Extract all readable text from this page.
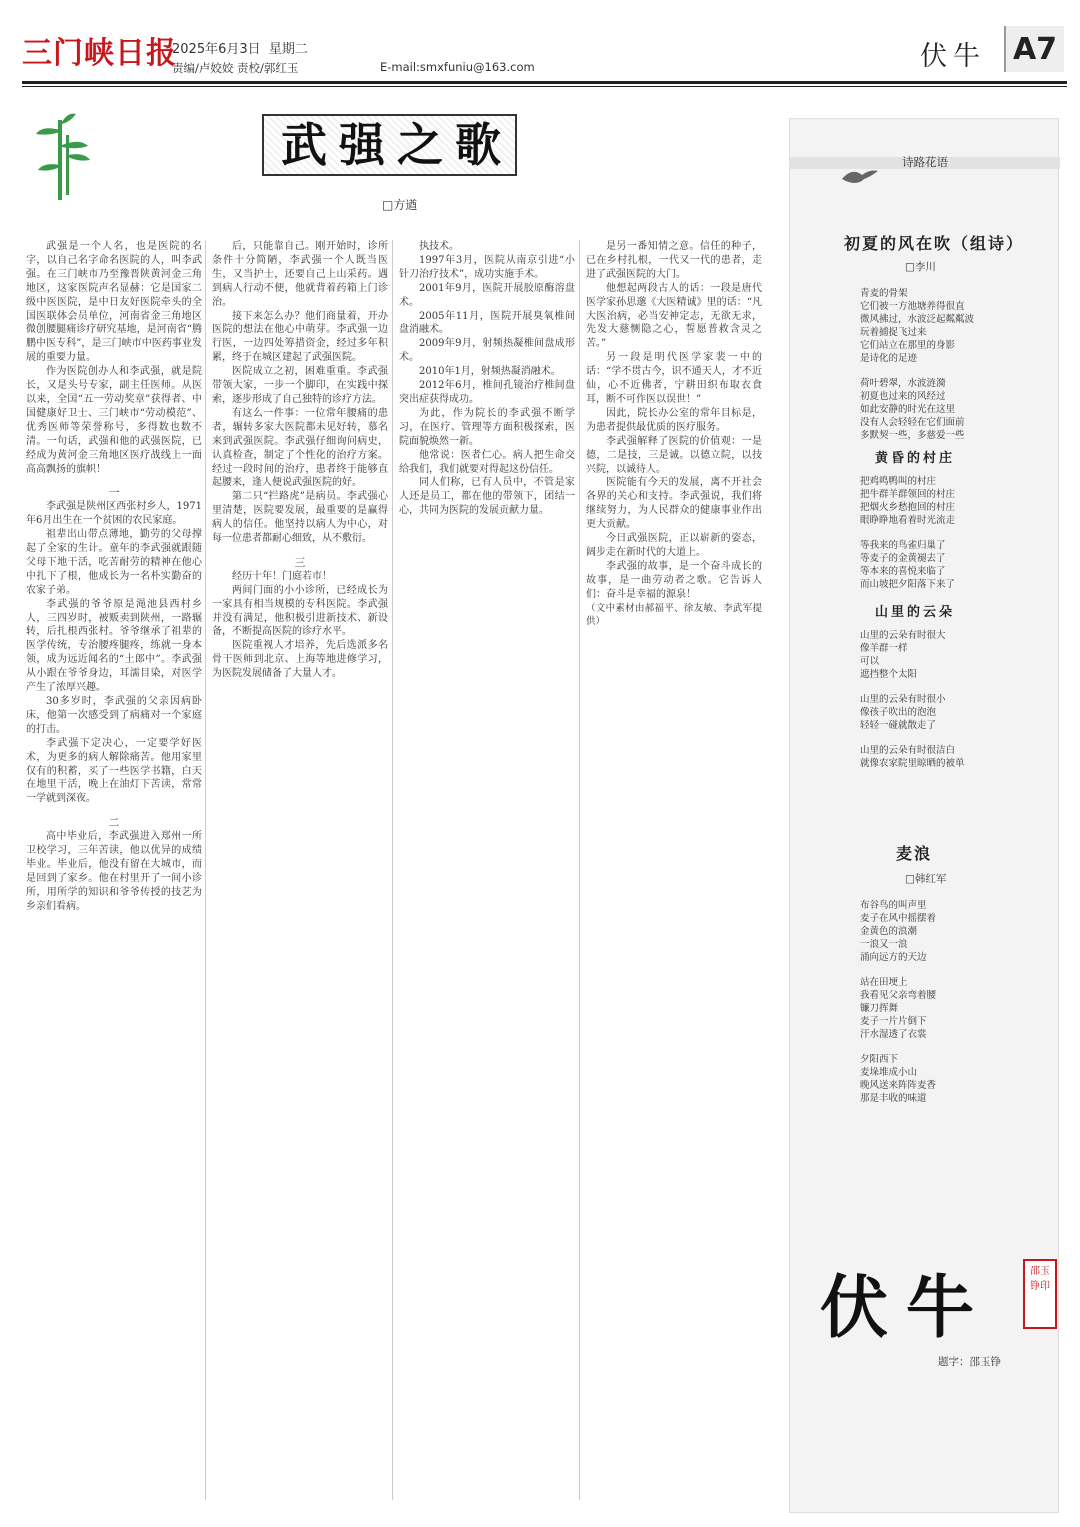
三门峡日报
2025年6月3日 星期二
责编/卢姣姣 责校/郭红玉	E-mail:smxfuniu@163.com	伏牛 A7
武强之歌
□方遒

武强是一个人名，也是医院的名字，以自己名字命名医院的人，叫李武强。在三门峡市乃至豫晋陕黄河金三角地区，这家医院声名显赫：它是国家二级中医医院，是中日友好医院牵头的全国医联体会员单位，河南省金三角地区微创腰腿痛诊疗研究基地，是河南省“腾鹏中医专科”，是三门峡市中医药事业发展的重要力量。

作为医院创办人和李武强，就是院长，又是头号专家，副主任医师。从医以来，全国“五一劳动奖章”获得者、中国健康好卫士、三门峡市“劳动模范”、优秀医师等荣誉称号，多得数也数不清。一句话，武强和他的武强医院，已经成为黄河金三角地区医疗战线上一面高高飘扬的旗帜！

一

李武强是陕州区西张村乡人，1971年6月出生在一个贫困的农民家庭。

祖辈出山带点薄地，勤劳的父母撑起了全家的生计。童年的李武强就跟随父母下地干活，吃苦耐劳的精神在他心中扎下了根，他成长为一名朴实勤奋的农家子弟。

李武强的爷爷原是渑池县西村乡人，三四岁时，被贩卖到陕州，一路辗转，后扎根西张村。爷爷继承了祖辈的医学传统，专治腰疼腿疼，练就一身本领，成为远近闻名的“土郎中”。李武强从小跟在爷爷身边，耳濡目染，对医学产生了浓厚兴趣。

30多岁时，李武强的父亲因病卧床，他第一次感受到了病痛对一个家庭的打击。

李武强下定决心，一定要学好医术，为更多的病人解除痛苦。他用家里仅有的积蓄，买了一些医学书籍，白天在地里干活，晚上在油灯下苦读，常常一学就到深夜。

二

高中毕业后，李武强进入郑州一所卫校学习，三年苦读，他以优异的成绩毕业。毕业后，他没有留在大城市，而是回到了家乡。他在村里开了一间小诊所，用所学的知识和爷爷传授的技艺为乡亲们看病。

后，只能靠自己。刚开始时，诊所条件十分简陋，李武强一个人既当医生，又当护士，还要自己上山采药。遇到病人行动不便，他就背着药箱上门诊治。

接下来怎么办？他们商量着，开办医院的想法在他心中萌芽。李武强一边行医，一边四处筹措资金，经过多年积累，终于在城区建起了武强医院。

医院成立之初，困难重重。李武强带领大家，一步一个脚印，在实践中探索，逐步形成了自己独特的诊疗方法。

有这么一件事：一位常年腰痛的患者，辗转多家大医院都未见好转，慕名来到武强医院。李武强仔细询问病史，认真检查，制定了个性化的治疗方案。经过一段时间的治疗，患者终于能够直起腰来，逢人便说武强医院的好。

第二只“拦路虎”是病员。李武强心里清楚，医院要发展，最重要的是赢得病人的信任。他坚持以病人为中心，对每一位患者都耐心细致，从不敷衍。

三

经历十年！门庭若市！

两间门面的小小诊所，已经成长为一家具有相当规模的专科医院。李武强并没有满足，他积极引进新技术、新设备，不断提高医院的诊疗水平。

医院重视人才培养，先后选派多名骨干医师到北京、上海等地进修学习，为医院发展储备了大量人才。

执技术。

1997年3月，医院从南京引进“小针刀治疗技术”，成功实施手术。

2001年9月，医院开展胶原酶溶盘术。

2005年11月，医院开展臭氧椎间盘消融术。

2009年9月，射频热凝椎间盘成形术。

2010年1月，射频热凝消融术。

2012年6月，椎间孔镜治疗椎间盘突出症获得成功。

为此，作为院长的李武强不断学习，在医疗、管理等方面积极探索，医院面貌焕然一新。

他常说：医者仁心。病人把生命交给我们，我们就要对得起这份信任。

同人们称，已有人员中，不管是家人还是员工，都在他的带领下，团结一心，共同为医院的发展贡献力量。

是另一番知情之意。信任的种子，已在乡村扎根，一代又一代的患者，走进了武强医院的大门。

他想起两段古人的话：一段是唐代医学家孙思邈《大医精诚》里的话：“凡大医治病，必当安神定志，无欲无求，先发大慈恻隐之心，誓愿普救含灵之苦。”

另一段是明代医学家裴一中的话：“学不贯古今，识不通天人，才不近仙，心不近佛者，宁耕田织布取衣食耳，断不可作医以误世！”

因此，院长办公室的常年目标是，为患者提供最优质的医疗服务。

李武强解释了医院的价值观：一是德，二是技，三是诚。以德立院，以技兴院，以诚待人。

医院能有今天的发展，离不开社会各界的关心和支持。李武强说，我们将继续努力，为人民群众的健康事业作出更大贡献。

今日武强医院，正以崭新的姿态，阔步走在新时代的大道上。

李武强的故事，是一个奋斗成长的故事，是一曲劳动者之歌。它告诉人们：奋斗是幸福的源泉！

（文中素材由郝福平、徐友敏、李武军提供）

诗路花语
初夏的风在吹（组诗）
□李川
青麦的骨架
它们被一方池塘养得很直
微风拂过，水波泛起粼粼波
玩着捕捉飞过来
它们站立在那里的身影
是诗化的足迹
荷叶碧翠，水波涟漪
初夏也过来的风经过
如此安静的时光在这里
没有人会轻轻在它们面前
多默契一些，多慈爱一些
黄昏的村庄
把鸡鸣鸭叫的村庄
把牛群羊群领回的村庄
把烟火乡愁抱回的村庄
眼睁睁地看着时光流走
等我来的鸟雀归巢了
等麦子的金黄褪去了
等本来的喜悦来临了
而山坡把夕阳落下来了
山里的云朵
山里的云朵有时很大
像羊群一样
可以
遮挡整个太阳
山里的云朵有时很小
像孩子吹出的泡泡
轻轻一碰就散走了
山里的云朵有时很洁白
就像农家院里晾晒的被单
麦浪
□韩红军
布谷鸟的叫声里
麦子在风中摇摆着
金黄色的浪潮
一浪又一浪
涌向远方的天边
站在田埂上
我看见父亲弯着腰
镰刀挥舞
麦子一片片倒下
汗水湿透了衣裳
夕阳西下
麦垛堆成小山
晚风送来阵阵麦香
那是丰收的味道
伏牛	邵玉铮印
题字：邵玉铮
